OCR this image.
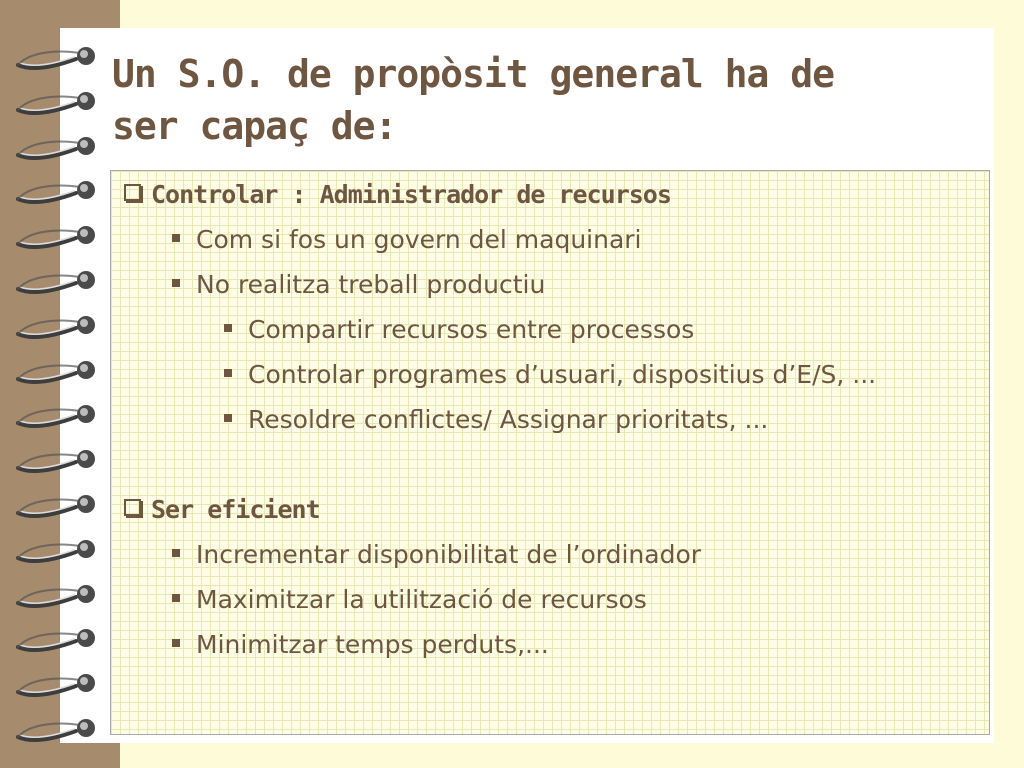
Un S.O. de propòsit general ha de
ser capaç de:
Controlar : Administrador de recursos
Com si fos un govern del maquinari
No realitza treball productiu
Compartir recursos entre processos
Controlar programes d’usuari, dispositius d’E/S, ...
Resoldre conflictes/ Assignar prioritats, ...
Ser eficient
Incrementar disponibilitat de l’ordinador
Maximitzar la utilització de recursos
Minimitzar temps perduts,...
